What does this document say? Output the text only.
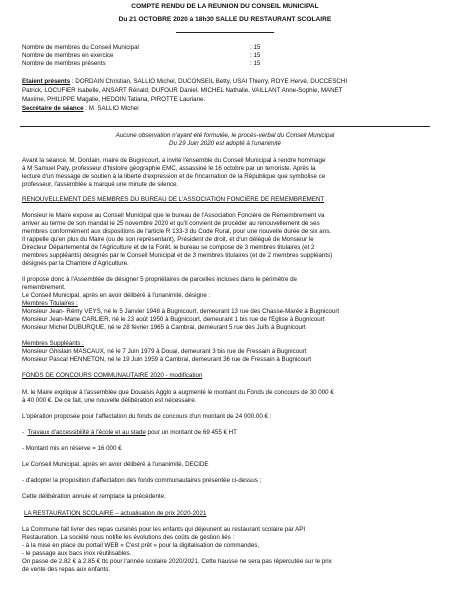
COMPTE RENDU DE LA REUNION DU CONSEIL MUNICIPAL
Du 21 OCTOBRE 2020 à 18h30 SALLE DU RESTAURANT SCOLAIRE
Nombre de membres du Conseil Municipal	: 15
Nombre de membres en exercice	: 15
Nombre de membres présents	: 15
Etaient présents : DORDAIN Christian, SALLIO Michel, DUCONSEIL Betty, USAI Thierry, ROYE Hervé, DUCCESCHI
Patrick, LOCUFIER Isabelle, ANSART Rénald, DUFOUR Daniel, MICHEL Nathalie, VAILLANT Anne-Sophie, MANET
Maxime, PHILIPPE Magalie, HEDOIN Tatiana, PIROTTE Lauriane.
Secrétaire de séance : M. SALLIO Michel
Aucune observation n'ayant été formulée, le procès-verbal du Conseil Municipal
Du 29 Juin 2020 est adopté à l'unanimité
Avant la séance, M. Dordain, maire de Bugnicourt, a invité l'ensemble du Conseil Municipal à rendre hommage
à M Samuel Paty, professeur d'histoire géographie EMC, assassiné le 16 octobre par un terroriste. Après la
lecture d'un message de soutien à la liberté d'expression et de l'incarnation de la République que symbolise ce
professeur, l'assemblée a marqué une minute de silence.
RENOUVELLEMENT DES MEMBRES DU BUREAU DE L'ASSOCIATION FONCIERE DE REMEMBREMENT
Monsieur le Maire expose au Conseil Municipal que le bureau de l'Association Foncière de Remembrement va
arriver au terme de son mandat le 25 novembre 2020 et qu'il convient de procéder au renouvellement de ses
membres conformément aux dispositions de l'article R 133-3 du Code Rural, pour une nouvelle durée de six ans.
Il rappelle qu'en plus du Maire (ou de son représentant), Président de droit, et d'un délégué de Monsieur le
Directeur Départemental de l'Agriculture et de la Forêt, le bureau se compose de 3 membres titulaires (et 2
membres suppléants) désignés par le Conseil Municipal et de 3 membres titulaires (et de 2 membres suppléants)
désignés par la Chambre d'Agriculture.
Il propose donc à l'Assemblée de désigner 5 propriétaires de parcelles incluses dans le périmètre de
remembrement.
Le Conseil Municipal, après en avoir délibéré à l'unanimité, désigne :
Membres Titulaires :
Monsieur Jean- Rémy VEYS, né le 5 Janvier 1948 à Bugnicourt, demeurant 13 rue des Chasse-Marée à Bugnicourt
Monsieur Jean-Marie CARLIER, né le 23 août 1950 à Bugnicourt, demeurant 1 bis rue de l'Eglise à Bugnicourt
Monsieur Michel DUBURQUE, né le 28 février 1965 à Cambrai, demeurant 5 rue des Juifs à Bugnicourt
Membres Suppléants :
Monsieur Ghislain MASCAUX, né le 7 Juin 1979 à Douai, demeurant 3 bis rue de Fressain à Bugnicourt
Monsieur Pascal HENNETON, né le 19 Juin 1959 à Cambrai, demeurant 36 rue de Fressain à Bugnicourt
FONDS DE CONCOURS COMMUNAUTAIRE 2020 - modification
M. le Maire explique à l'assemblée que Douaisis Agglo a augmenté le montant du Fonds de concours de 30 000 €
à 40 000 €. De ce fait, une nouvelle délibération est nécessaire.
L'opération proposée pour l'affectation du fonds de concours d'un montant de 24 000.00 € :
-  Travaux d'accessibilité à l'école et au stade pour un montant de 69 455 € HT
- Montant mis en réserve = 16 000 €
Le Conseil Municipal, après en avoir délibéré à l'unanimité, DECIDE
- d'adopter la proposition d'affectation des fonds communautaires présentée ci-dessus ;
Cette délibération annule et remplace la précédente.
LA RESTAURATION SCOLAIRE – actualisation de prix 2020-2021
La Commune fait livrer des repas cuisinés pour les enfants qui déjeunent au restaurant scolaire par API
Restauration. La société nous notifie les évolutions des coûts de gestion liés :
- à la mise en place du portail WEB « C'est prêt » pour la digitalisation de commandes,
- le passage aux bacs inox réutilisables.
On passe de 2.82 € à 2.85 € ttc pour l'année scolaire 2020/2021. Cette hausse ne sera pas répercutée sur le prix
de vente des repas aux enfants.
